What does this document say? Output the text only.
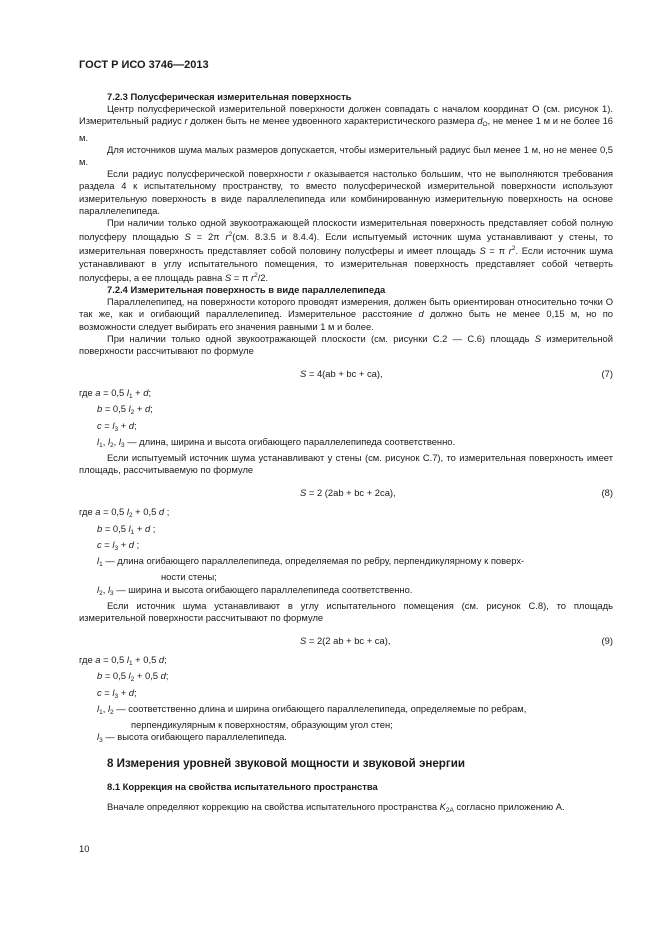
ГОСТ Р ИСО 3746—2013
7.2.3 Полусферическая измерительная поверхность

Центр полусферической измерительной поверхности должен совпадать с началом координат О (см. рисунок 1). Измерительный радиус r должен быть не менее удвоенного характеристического размера $d_O$, не менее 1 м и не более 16 м.

Для источников шума малых размеров допускается, чтобы измерительный радиус был менее 1 м, но не менее 0,5 м.

Если радиус полусферической поверхности r оказывается настолько большим, что не выполняются требования раздела 4 к испытательному пространству, то вместо полусферической измерительной поверхности используют измерительную поверхность в виде параллелепипеда или комбинированную измерительную поверхность на основе параллелепипеда.

При наличии только одной звукоотражающей плоскости измерительная поверхность представляет собой полную полусферу площадью S = 2π $r^2(см$. 8.3.5 и 8.4.4). Если испытуемый источник шума устанавливают у стены, то измерительная поверхность представляет собой половину полусферы и имеет площадь S = π $r^2$. Если источник шума устанавливают в углу испытательного помещения, то измерительная поверхность представляет собой четверть полусферы, а ее площадь равна S = π $r^2/2$.

7.2.4 Измерительная поверхность в виде параллелепипеда

Параллелепипед, на поверхности которого проводят измерения, должен быть ориентирован относительно точки О так же, как и огибающий параллелепипед. Измерительное расстояние d должно быть не менее 0,15 м, но по возможности следует выбирать его значения равными 1 м и более.

При наличии только одной звукоотражающей плоскости (см. рисунки С.2 — С.6) площадь S измерительной поверхности рассчитывают по формуле

S = 4(ab + bc + ca),	(7)
где a = 0,5 $l_1 + d$;
b = 0,5 $l_2 + d$;
$c = l_3 + d$;
$l_1$, $l_2$, $l_3$ — длина, ширина и высота огибающего параллелепипеда соответственно.

Если испытуемый источник шума устанавливают у стены (см. рисунок С.7), то измерительная поверхность имеет площадь, рассчитываемую по формуле

S = 2 (2ab + bc + 2ca),	(8)
где a = 0,5 $l_2 + 0,5$ d ;
b = 0,5 $l_1 + d$ ;
$c = l_3 + d$ ;
$l_1$ — длина огибающего параллелепипеда, определяемая по ребру, перпендикулярному к поверх-
ности стены;
$l_2$, $l_3$ — ширина и высота огибающего параллелепипеда соответственно.

Если источник шума устанавливают в углу испытательного помещения (см. рисунок С.8), то площадь измерительной поверхности рассчитывают по формуле

S = 2(2 ab + bc + ca),	(9)
где a = 0,5 $l_1 + 0,5$ d;
b = 0,5 $l_2 + 0,5$ d;
$c = l_3 + d$;
$l_1$, $l_2$ — соответственно длина и ширина огибающего параллелепипеда, определяемые по ребрам,
перпендикулярным к поверхностям, образующим угол стен;
$l_3$ — высота огибающего параллелепипеда.
8 Измерения уровней звуковой мощности и звуковой энергии
8.1 Коррекция на свойства испытательного пространства

Вначале определяют коррекцию на свойства испытательного пространства $K_{2A}$ согласно приложению А.

10
